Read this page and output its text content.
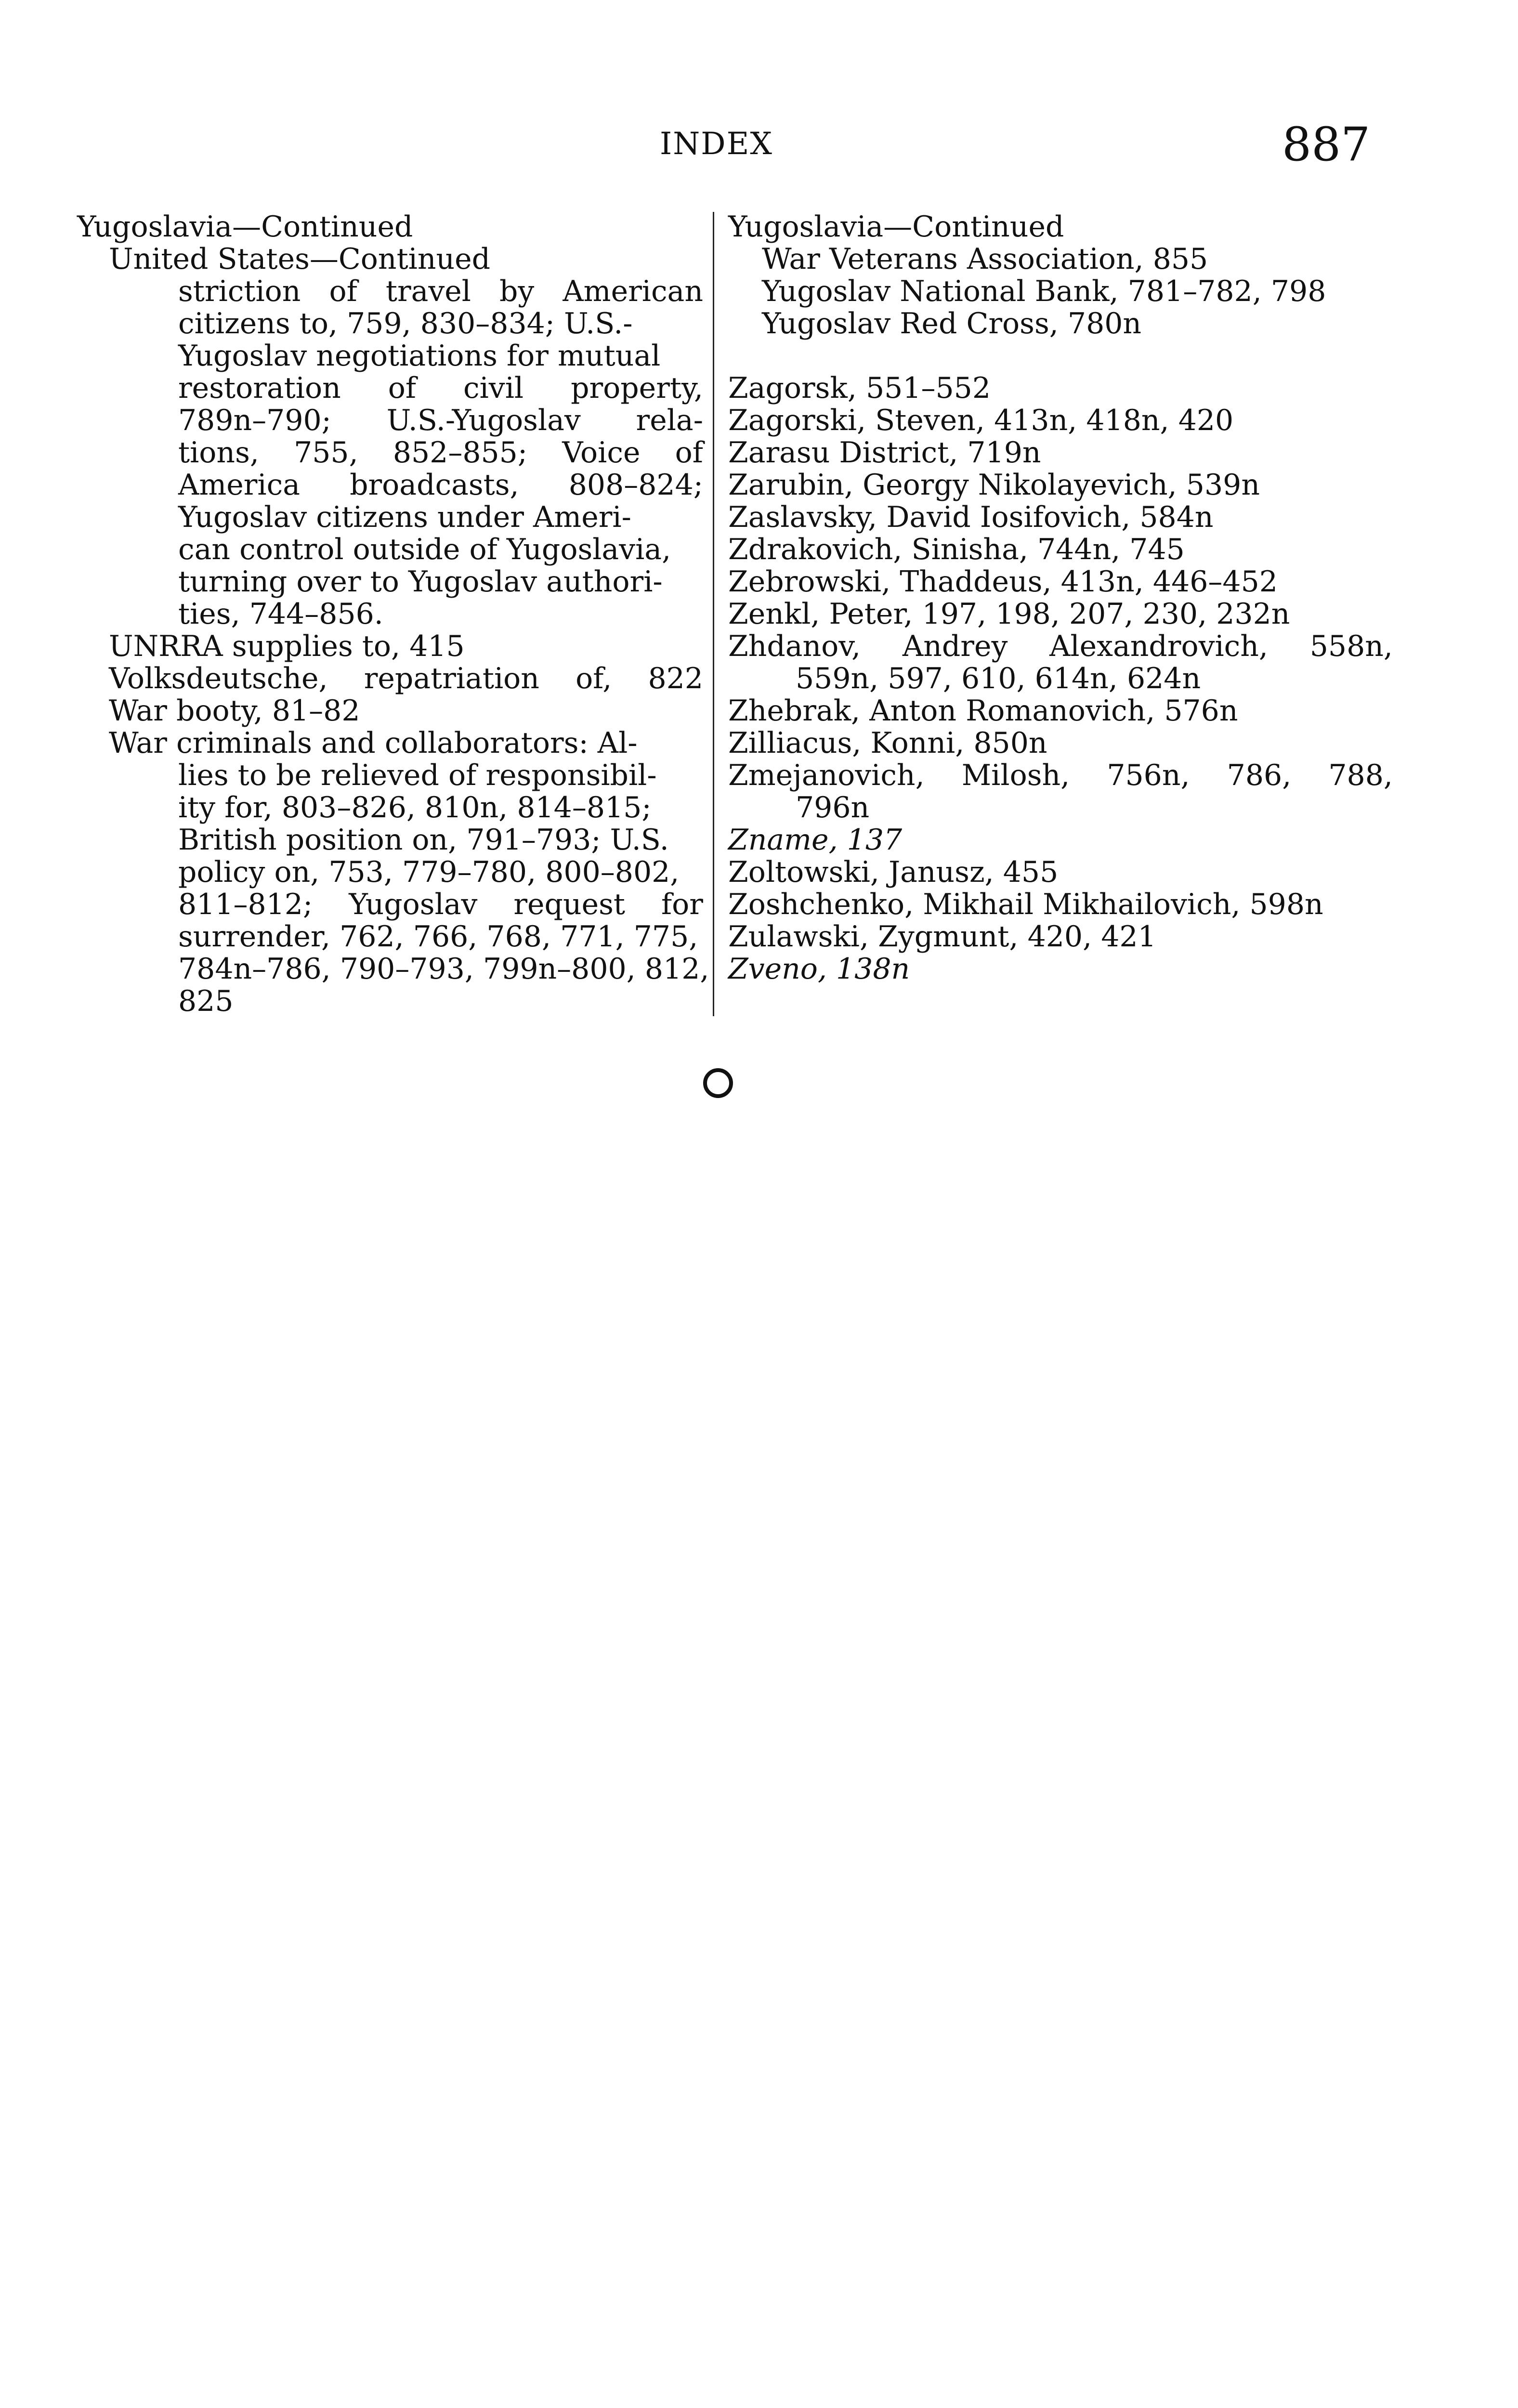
INDEX	887
Yugoslavia—Continued
United States—Continued
striction of travel by American
citizens to, 759, 830–834; U.S.-
Yugoslav negotiations for mutual
restoration of civil property,
789n–790; U.S.-Yugoslav rela-
tions, 755, 852–855; Voice of
America broadcasts, 808–824;
Yugoslav citizens under Ameri-
can control outside of Yugoslavia,
turning over to Yugoslav authori-
ties, 744–856.
UNRRA supplies to, 415
Volksdeutsche, repatriation of, 822
War booty, 81–82
War criminals and collaborators: Al-
lies to be relieved of responsibil-
ity for, 803–826, 810n, 814–815;
British position on, 791–793; U.S.
policy on, 753, 779–780, 800–802,
811–812; Yugoslav request for
surrender, 762, 766, 768, 771, 775,
784n–786, 790–793, 799n–800, 812,
825
Yugoslavia—Continued
War Veterans Association, 855
Yugoslav National Bank, 781–782, 798
Yugoslav Red Cross, 780n
Zagorsk, 551–552
Zagorski, Steven, 413n, 418n, 420
Zarasu District, 719n
Zarubin, Georgy Nikolayevich, 539n
Zaslavsky, David Iosifovich, 584n
Zdrakovich, Sinisha, 744n, 745
Zebrowski, Thaddeus, 413n, 446–452
Zenkl, Peter, 197, 198, 207, 230, 232n
Zhdanov, Andrey Alexandrovich, 558n,
559n, 597, 610, 614n, 624n
Zhebrak, Anton Romanovich, 576n
Zilliacus, Konni, 850n
Zmejanovich, Milosh, 756n, 786, 788,
796n
Zname, 137
Zoltowski, Janusz, 455
Zoshchenko, Mikhail Mikhailovich, 598n
Zulawski, Zygmunt, 420, 421
Zveno, 138n
